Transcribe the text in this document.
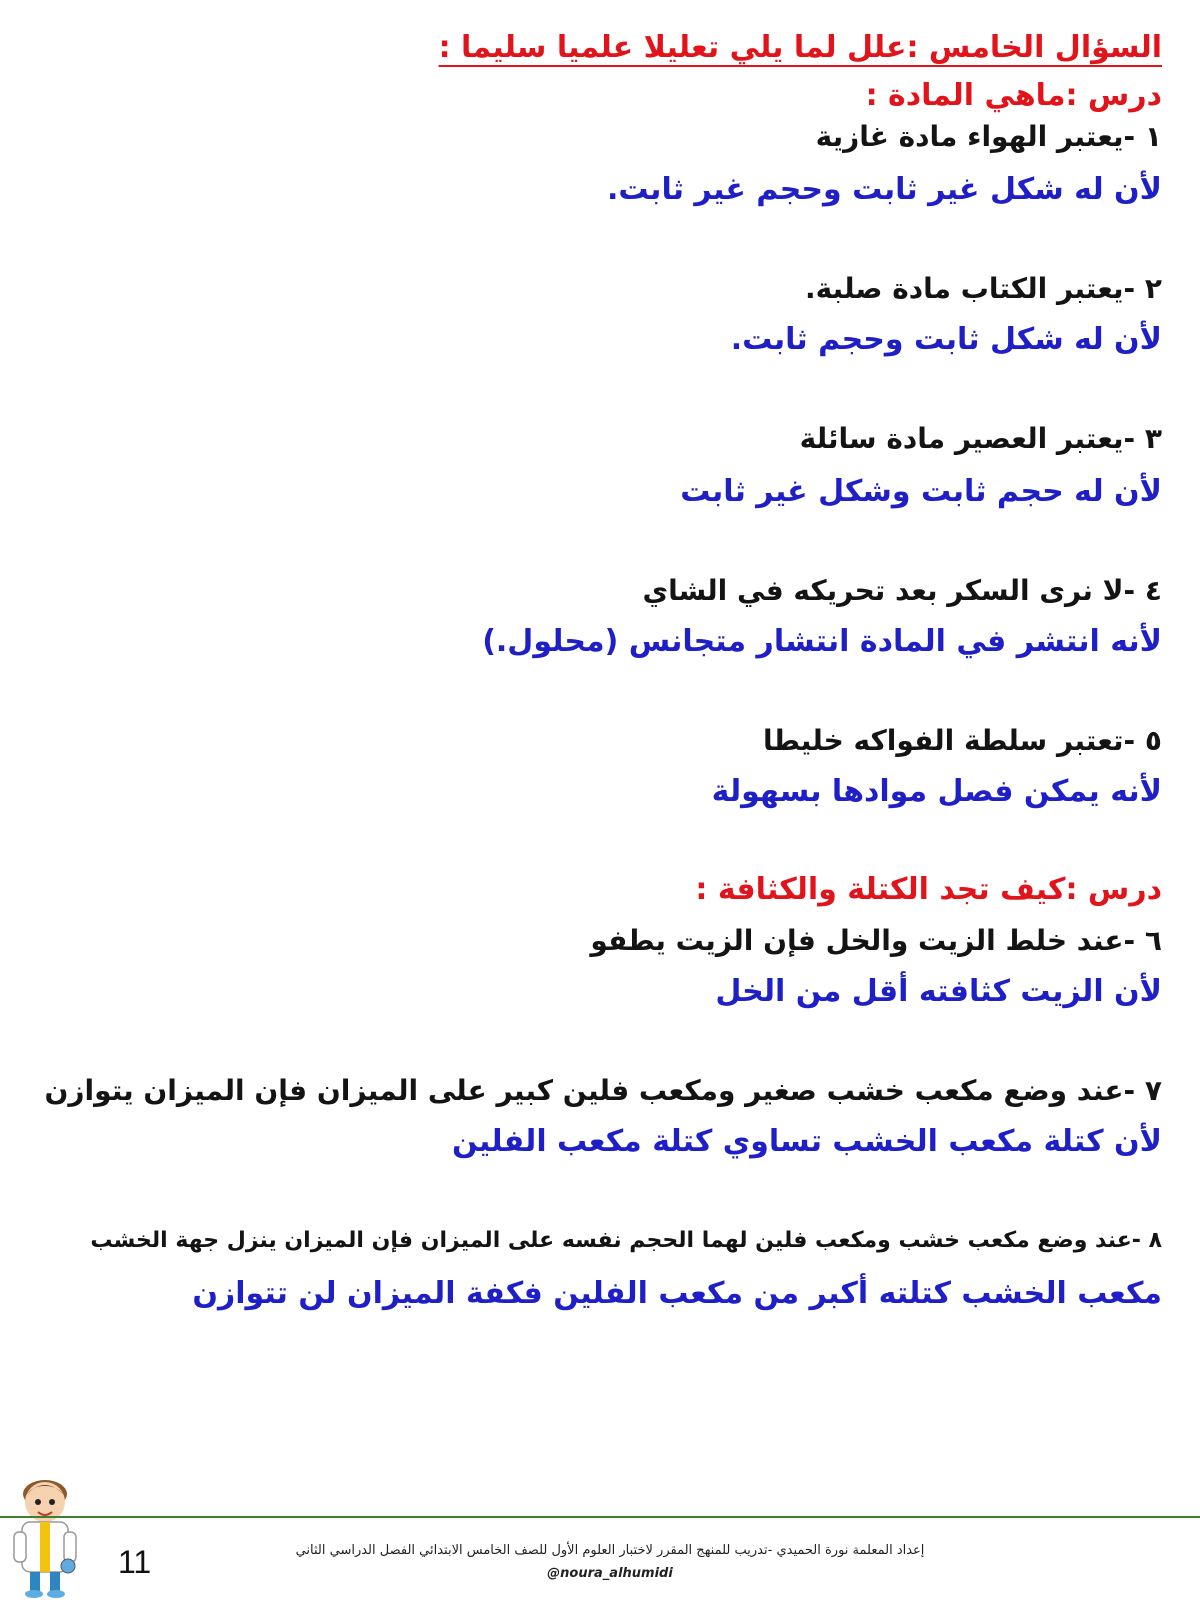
السؤال الخامس :علل لما يلي تعليلا علميا سليما :
درس :ماهي المادة :
١ -يعتبر الهواء مادة غازية
لأن له شكل غير ثابت وحجم غير ثابت.
٢ -يعتبر الكتاب مادة صلبة.
لأن له شكل ثابت وحجم ثابت.
٣ -يعتبر العصير مادة سائلة
لأن له حجم ثابت وشكل غير ثابت
٤ -لا نرى السكر بعد تحريكه في الشاي
لأنه انتشر في المادة انتشار متجانس (محلول.)
٥ -تعتبر سلطة الفواكه خليطا
لأنه يمكن فصل موادها بسهولة
درس :كيف تجد الكتلة والكثافة :
٦ -عند خلط الزيت والخل فإن الزيت يطفو
لأن الزيت كثافته أقل من الخل
٧ -عند وضع مكعب خشب صغير ومكعب فلين كبير على الميزان فإن الميزان يتوازن
لأن كتلة مكعب الخشب تساوي كتلة مكعب الفلين
٨ -عند وضع مكعب خشب ومكعب فلين لهما الحجم نفسه على الميزان فإن الميزان ينزل جهة الخشب
مكعب الخشب كتلته أكبر من مكعب الفلين فكفة الميزان لن تتوازن
11	إعداد المعلمة نورة الحميدي -تدريب للمنهج المقرر لاختبار العلوم الأول للصف الخامس الابتدائي الفصل الدراسي الثاني
@noura_alhumidi
